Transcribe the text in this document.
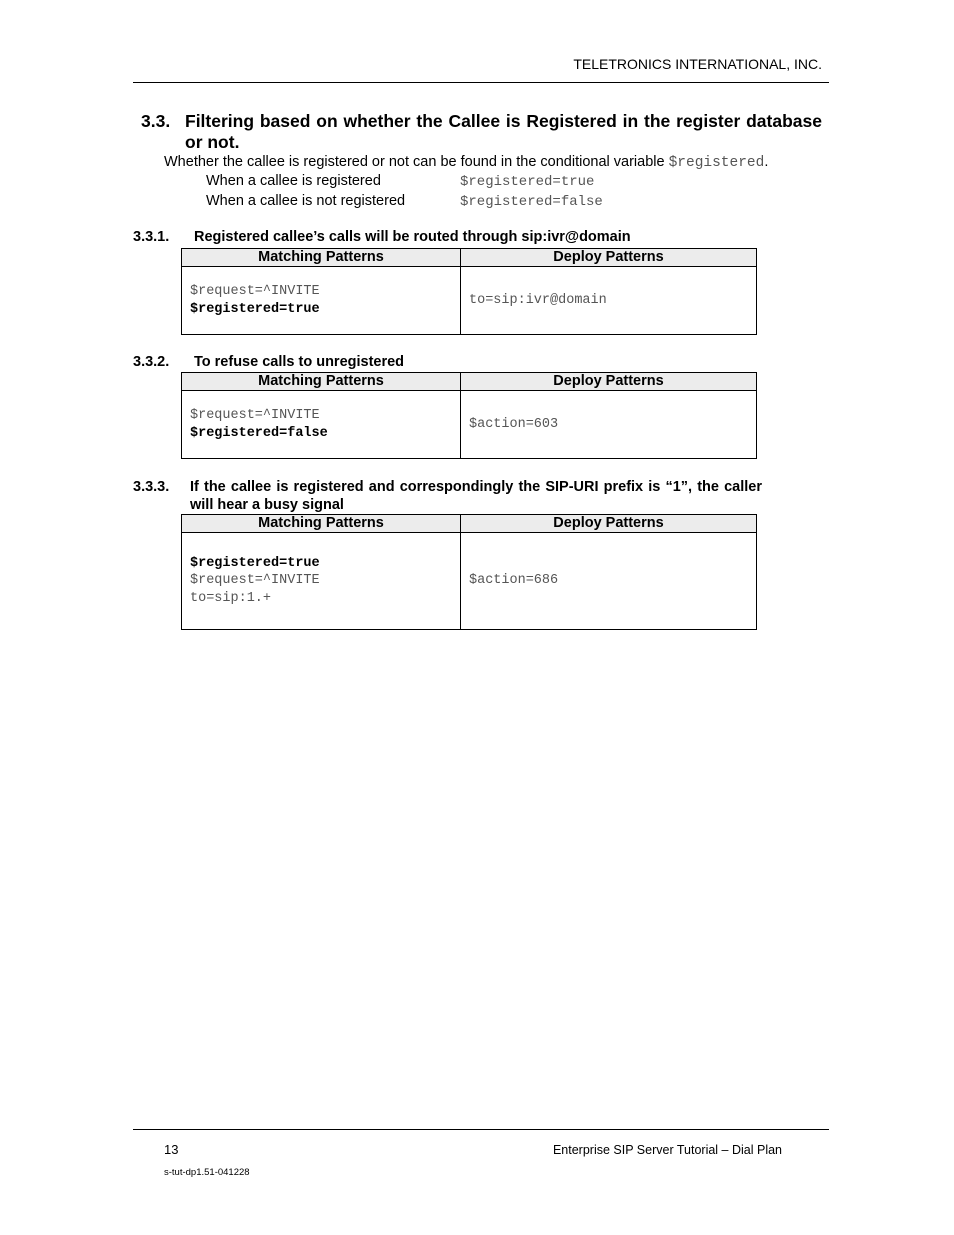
TELETRONICS INTERNATIONAL, INC.
3.3. Filtering based on whether the Callee is Registered in the register database or not.
Whether the callee is registered or not can be found in the conditional variable $registered.
When a callee is registered	$registered=true
When a callee is not registered	$registered=false
3.3.1. Registered callee’s calls will be routed through sip:ivr@domain
Matching Patterns	Deploy Patterns

$request=^INVITE
$registered=true	to=sip:ivr@domain
3.3.2. To refuse calls to unregistered
Matching Patterns	Deploy Patterns

$request=^INVITE
$registered=false	$action=603
3.3.3. If the callee is registered and correspondingly the SIP-URI prefix is “1”, the caller will hear a busy signal
Matching Patterns	Deploy Patterns

$registered=true
$request=^INVITE
to=sip:1.+	$action=686
13	Enterprise SIP Server Tutorial – Dial Plan
s-tut-dp1.51-041228
